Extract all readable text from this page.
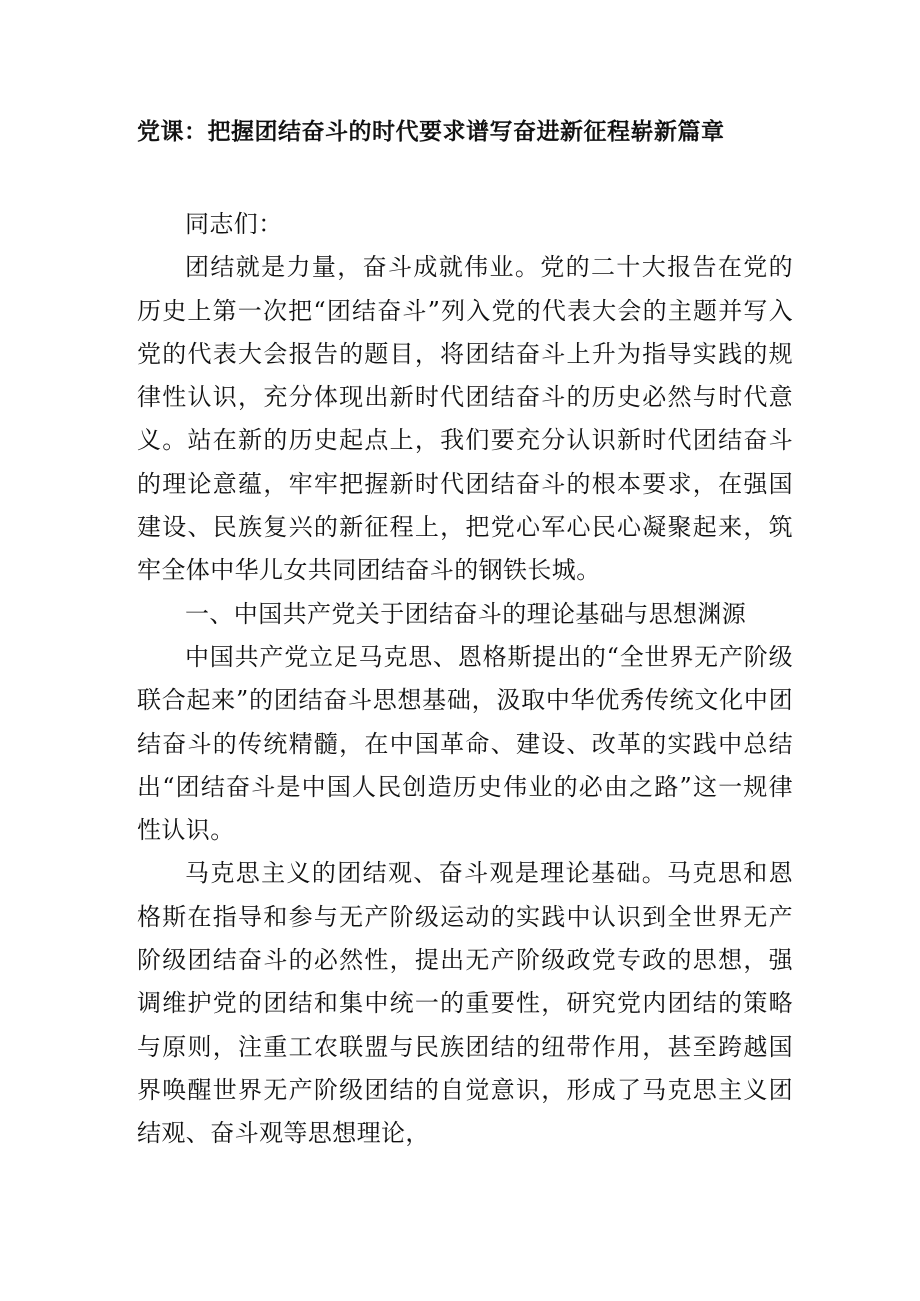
党课：把握团结奋斗的时代要求谱写奋进新征程崭新篇章

同志们：

团结就是力量，奋斗成就伟业。党的二十大报告在党的历史上第一次把“团结奋斗”列入党的代表大会的主题并写入党的代表大会报告的题目，将团结奋斗上升为指导实践的规律性认识，充分体现出新时代团结奋斗的历史必然与时代意义。站在新的历史起点上，我们要充分认识新时代团结奋斗的理论意蕴，牢牢把握新时代团结奋斗的根本要求，在强国建设、民族复兴的新征程上，把党心军心民心凝聚起来，筑牢全体中华儿女共同团结奋斗的钢铁长城。

一、中国共产党关于团结奋斗的理论基础与思想渊源

中国共产党立足马克思、恩格斯提出的“全世界无产阶级联合起来”的团结奋斗思想基础，汲取中华优秀传统文化中团结奋斗的传统精髓，在中国革命、建设、改革的实践中总结出“团结奋斗是中国人民创造历史伟业的必由之路”这一规律性认识。

马克思主义的团结观、奋斗观是理论基础。马克思和恩格斯在指导和参与无产阶级运动的实践中认识到全世界无产阶级团结奋斗的必然性，提出无产阶级政党专政的思想，强调维护党的团结和集中统一的重要性，研究党内团结的策略与原则，注重工农联盟与民族团结的纽带作用，甚至跨越国界唤醒世界无产阶级团结的自觉意识，形成了马克思主义团结观、奋斗观等思想理论，
